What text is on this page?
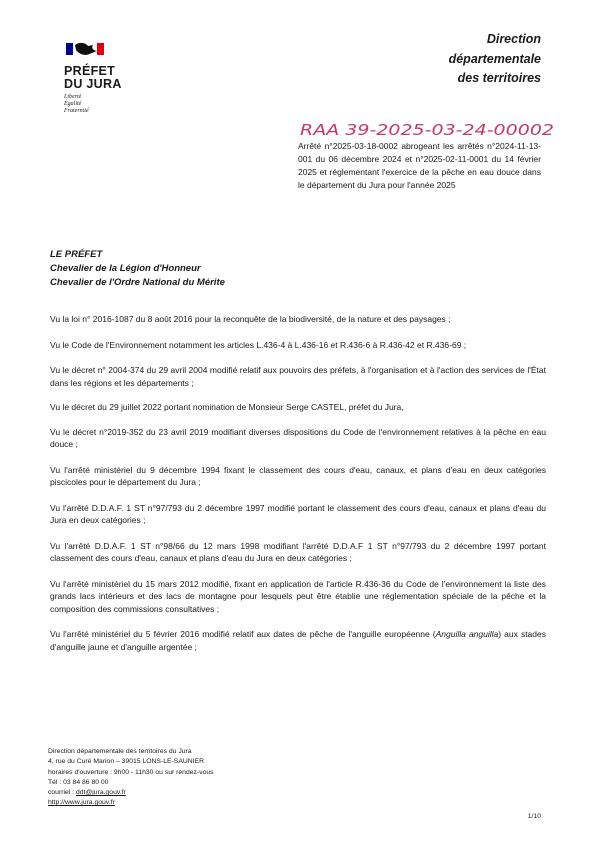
PRÉFET
DU JURA
Liberté
Égalité
Fraternité
Direction
départementale
des territoires
RAA 39-2025-03-24-00002
Arrêté n°2025-03-18-0002 abrogeant les arrêtés n°2024-11-13-001 du 06 décembre 2024 et n°2025-02-11-0001 du 14 février 2025 et réglementant l'exercice de la pêche en eau douce dans le département du Jura pour l'année 2025
LE PRÉFET
Chevalier de la Légion d'Honneur
Chevalier de l'Ordre National du Mérite

Vu la loi n° 2016-1087 du 8 août 2016 pour la reconquête de la biodiversité, de la nature et des paysages ;

Vu le Code de l'Environnement notamment les articles L.436-4 à L.436-16 et R.436-6 à R.436-42 et R.436-69 ;

Vu le décret n° 2004-374 du 29 avril 2004 modifié relatif aux pouvoirs des préfets, à l'organisation et à l'action des services de l'État dans les régions et les départements ;

Vu le décret du 29 juillet 2022 portant nomination de Monsieur Serge CASTEL, préfet du Jura,

Vu le décret n°2019-352 du 23 avril 2019 modifiant diverses dispositions du Code de l'environnement relatives à la pêche en eau douce ;

Vu l'arrêté ministériel du 9 décembre 1994 fixant le classement des cours d'eau, canaux, et plans d'eau en deux catégories piscicoles pour le département du Jura ;

Vu l'arrêté D.D.A.F. 1 ST n°97/793 du 2 décembre 1997 modifié portant le classement des cours d'eau, canaux et plans d'eau du Jura en deux catégories ;

Vu l'arrêté D.D.A.F. 1 ST n°98/66 du 12 mars 1998 modifiant l'arrêté D.D.A.F 1 ST n°97/793 du 2 décembre 1997 portant classement des cours d'eau, canaux et plans d'eau du Jura en deux catégories ;

Vu l'arrêté ministériel du 15 mars 2012 modifié, fixant en application de l'article R.436-36 du Code de l'environnement la liste des grands lacs intérieurs et des lacs de montagne pour lesquels peut être établie une réglementation spéciale de la pêche et la composition des commissions consultatives ;

Vu l'arrêté ministériel du 5 février 2016 modifié relatif aux dates de pêche de l'anguille européenne (Anguilla anguilla) aux stades d'anguille jaune et d'anguille argentée ;

Direction départementale des territoires du Jura
4, rue du Curé Marion – 39015 LONS-LE-SAUNIER
horaires d'ouverture : 9h00 - 11h30 ou sur rendez-vous
Tél : 03 84 86 80 00
courriel : ddt@jura.gouv.fr
http://www.jura.gouv.fr
1/10
